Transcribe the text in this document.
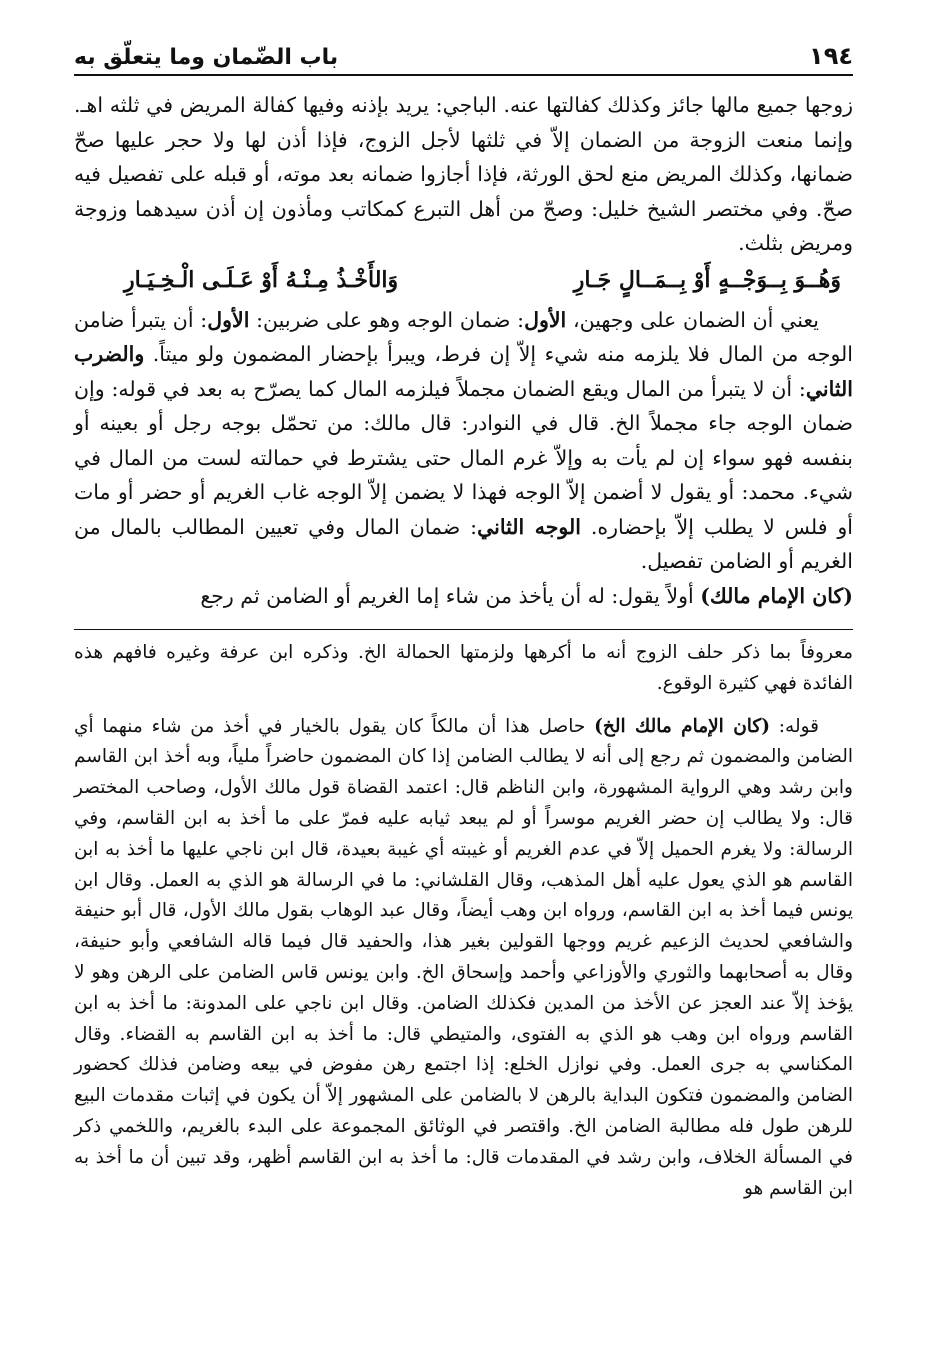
١٩٤
باب الضّمان وما يتعلّق به

زوجها جميع مالها جائز وكذلك كفالتها عنه. الباجي: يريد بإذنه وفيها كفالة المريض في ثلثه اهـ. وإنما منعت الزوجة من الضمان إلاّ في ثلثها لأجل الزوج، فإذا أذن لها ولا حجر عليها صحّ ضمانها، وكذلك المريض منع لحق الورثة، فإذا أجازوا ضمانه بعد موته، أو قبله على تفصيل فيه صحّ. وفي مختصر الشيخ خليل: وصحّ من أهل التبرع كمكاتب ومأذون إن أذن سيدهما وزوجة ومريض بثلث.

وَهُــوَ بِــوَجْــهٍ أَوْ بِــمَــالٍ جَـارِ
وَالأَخْـذُ مِـنْـهُ أَوْ عَـلَـى الْـخِـيَـارِ

يعني أن الضمان على وجهين، الأول: ضمان الوجه وهو على ضربين: الأول: أن يتبرأ ضامن الوجه من المال فلا يلزمه منه شيء إلاّ إن فرط، ويبرأ بإحضار المضمون ولو ميتاً. والضرب الثاني: أن لا يتبرأ من المال ويقع الضمان مجملاً فيلزمه المال كما يصرّح به بعد في قوله: وإن ضمان الوجه جاء مجملاً الخ. قال في النوادر: قال مالك: من تحمّل بوجه رجل أو بعينه أو بنفسه فهو سواء إن لم يأت به وإلاّ غرم المال حتى يشترط في حمالته لست من المال في شيء. محمد: أو يقول لا أضمن إلاّ الوجه فهذا لا يضمن إلاّ الوجه غاب الغريم أو حضر أو مات أو فلس لا يطلب إلاّ بإحضاره. الوجه الثاني: ضمان المال وفي تعيين المطالب بالمال من الغريم أو الضامن تفصيل.

(كان الإمام مالك) أولاً يقول: له أن يأخذ من شاء إما الغريم أو الضامن ثم رجع

معروفاً بما ذكر حلف الزوج أنه ما أكرهها ولزمتها الحمالة الخ. وذكره ابن عرفة وغيره فافهم هذه الفائدة فهي كثيرة الوقوع.

قوله: (كان الإمام مالك الخ) حاصل هذا أن مالكاً كان يقول بالخيار في أخذ من شاء منهما أي الضامن والمضمون ثم رجع إلى أنه لا يطالب الضامن إذا كان المضمون حاضراً ملياً، وبه أخذ ابن القاسم وابن رشد وهي الرواية المشهورة، وابن الناظم قال: اعتمد القضاة قول مالك الأول، وصاحب المختصر قال: ولا يطالب إن حضر الغريم موسراً أو لم يبعد ثيابه عليه فمرّ على ما أخذ به ابن القاسم، وفي الرسالة: ولا يغرم الحميل إلاّ في عدم الغريم أو غيبته أي غيبة بعيدة، قال ابن ناجي عليها ما أخذ به ابن القاسم هو الذي يعول عليه أهل المذهب، وقال القلشاني: ما في الرسالة هو الذي به العمل. وقال ابن يونس فيما أخذ به ابن القاسم، ورواه ابن وهب أيضاً، وقال عبد الوهاب بقول مالك الأول، قال أبو حنيفة والشافعي لحديث الزعيم غريم ووجها القولين بغير هذا، والحفيد قال فيما قاله الشافعي وأبو حنيفة، وقال به أصحابهما والثوري والأوزاعي وأحمد وإسحاق الخ. وابن يونس قاس الضامن على الرهن وهو لا يؤخذ إلاّ عند العجز عن الأخذ من المدين فكذلك الضامن. وقال ابن ناجي على المدونة: ما أخذ به ابن القاسم ورواه ابن وهب هو الذي به الفتوى، والمتيطي قال: ما أخذ به ابن القاسم به القضاء. وقال المكناسي به جرى العمل. وفي نوازل الخلع: إذا اجتمع رهن مفوض في بيعه وضامن فذلك كحضور الضامن والمضمون فتكون البداية بالرهن لا بالضامن على المشهور إلاّ أن يكون في إثبات مقدمات البيع للرهن طول فله مطالبة الضامن الخ. واقتصر في الوثائق المجموعة على البدء بالغريم، واللخمي ذكر في المسألة الخلاف، وابن رشد في المقدمات قال: ما أخذ به ابن القاسم أظهر، وقد تبين أن ما أخذ به ابن القاسم هو
